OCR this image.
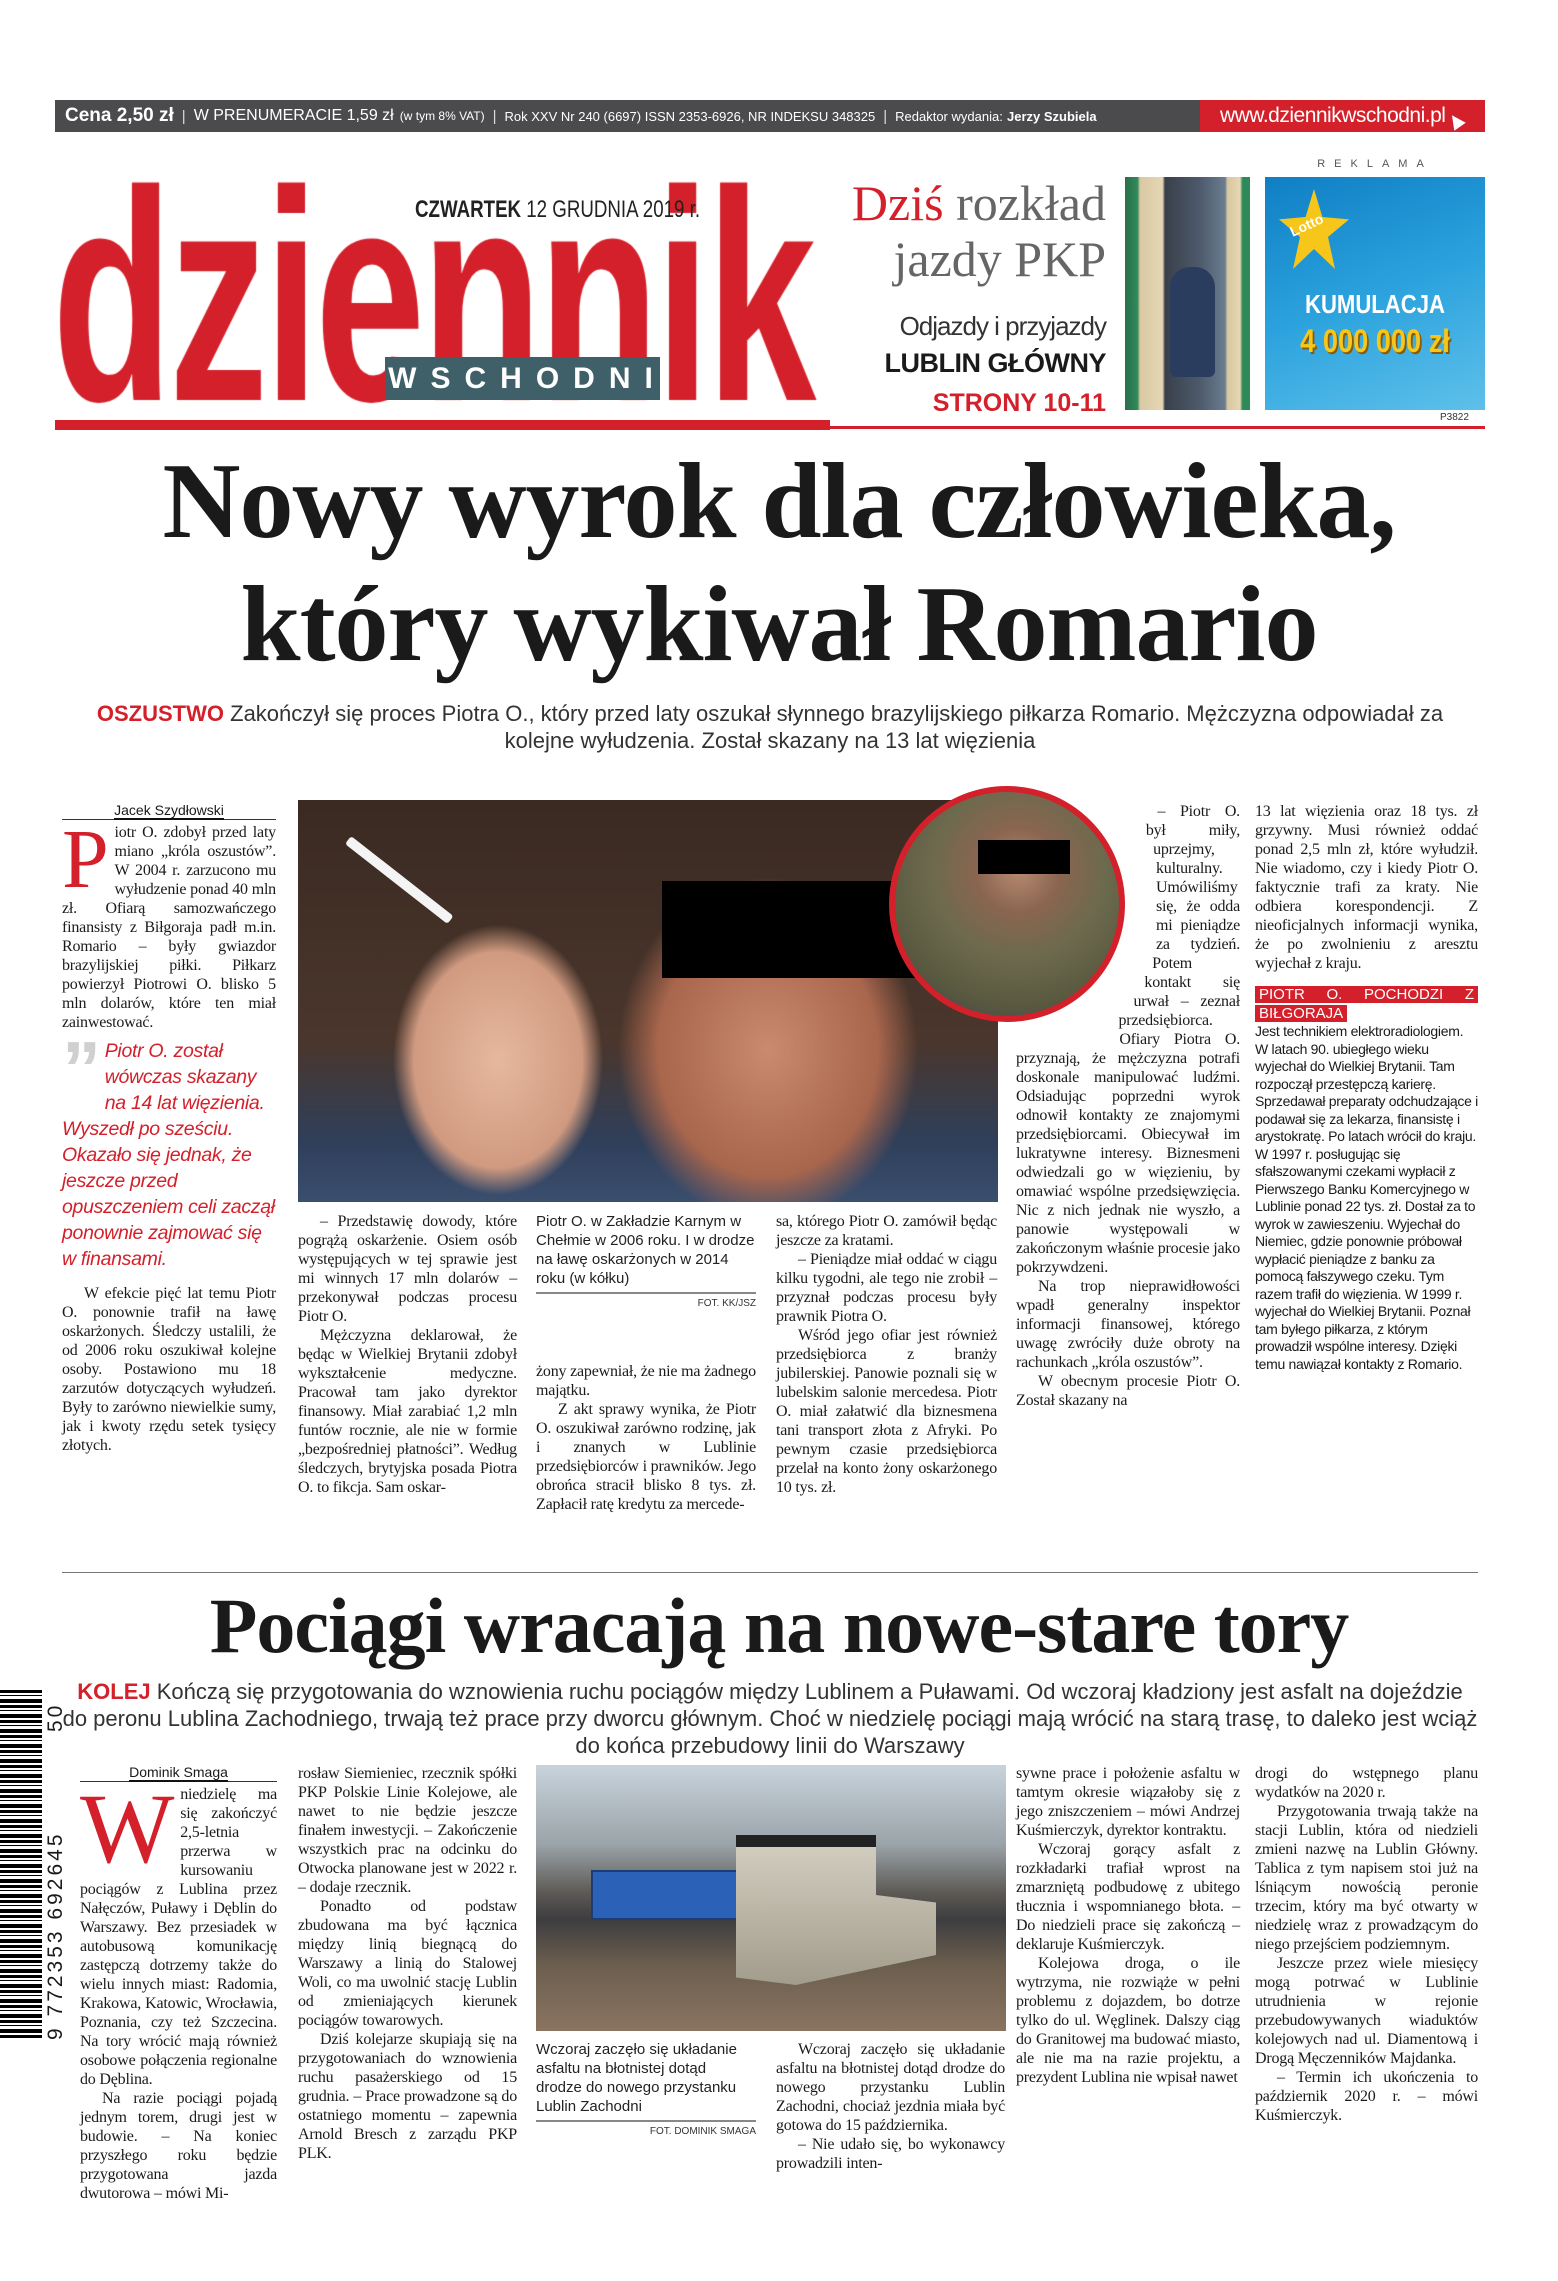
Cena 2,50 zł | W PRENUMERACIE 1,59 zł (w tym 8% VAT) | Rok XXV Nr 240 (6697) ISSN 2353-6926, NR INDEKSU 348325 | Redaktor wydania:
Jerzy Szubiela	www.dziennikwschodni.pl
WSCHODNI
CZWARTEK 12 GRUDNIA 2019 r.	Dziś rozkład
jazdy PKP
Odjazdy i przyjazdy
LUBLIN GŁÓWNY
STRONY 10-11
REKLAMA
Lotto
KUMULACJA
4 000 000 zł
P3822
Nowy wyrok dla człowieka,
który wykiwał Romario
OSZUSTWO Zakończył się proces Piotra O., który przed laty oszukał słynnego brazylijskiego piłkarza Romario. Mężczyzna odpowiadał za kolejne wyłudzenia. Został skazany na 13 lat więzienia
Jacek Szydłowski

Piotr O. zdobył przed laty miano „króla oszustów”. W 2004 r. zarzucono mu wyłudzenie ponad 40 mln zł. Ofiarą samozwańczego finansisty z Biłgoraja padł m.in. Romario – były gwiazdor brazylijskiej piłki. Piłkarz powierzył Piotrowi O. blisko 5 mln dolarów, które ten miał zainwestować.

” Piotr O. został wówczas skazany na 14 lat więzienia. Wyszedł po sześciu. Okazało się jednak, że jeszcze przed opuszczeniem celi zaczął ponownie zajmować się w finansami.

W efekcie pięć lat temu Piotr O. ponownie trafił na ławę oskarżonych. Śledczy ustalili, że od 2006 roku oszukiwał kolejne osoby. Postawiono mu 18 zarzutów dotyczących wyłudzeń. Były to zarówno niewielkie sumy, jak i kwoty rzędu setek tysięcy złotych.

– Przedstawię dowody, które pogrążą oskarżenie. Osiem osób występujących w tej sprawie jest mi winnych 17 mln dolarów – przekonywał podczas procesu Piotr O.

Mężczyzna deklarował, że będąc w Wielkiej Brytanii zdobył wykształcenie medyczne. Pracował tam jako dyrektor finansowy. Miał zarabiać 1,2 mln funtów rocznie, ale nie w formie „bezpośredniej płatności”. Według śledczych, brytyjska posada Piotra O. to fikcja. Sam oskar-

Piotr O. w Zakładzie Karnym w Chełmie w 2006 roku. I w drodze na ławę oskarżonych w 2014 roku (w kółku)
FOT. KK/JSZ

żony zapewniał, że nie ma żadnego majątku.

Z akt sprawy wynika, że Piotr O. oszukiwał zarówno rodzinę, jak i znanych w Lublinie przedsiębiorców i prawników. Jego obrońca stracił blisko 8 tys. zł. Zapłacił ratę kredytu za mercede-

sa, którego Piotr O. zamówił będąc jeszcze za kratami.

– Pieniądze miał oddać w ciągu kilku tygodni, ale tego nie zrobił – przyznał podczas procesu były prawnik Piotra O.

Wśród jego ofiar jest również przedsiębiorca z branży jubilerskiej. Panowie poznali się w lubelskim salonie mercedesa. Piotr O. miał załatwić dla biznesmena tani transport złota z Afryki. Po pewnym czasie przedsiębiorca przelał na konto żony oskarżonego 10 tys. zł.

– Piotr O. był miły, uprzejmy, kulturalny. Umówiliśmy się, że odda mi pieniądze za tydzień. Potem kontakt się urwał – zeznał przedsiębiorca.

Ofiary Piotra O. przyznają, że mężczyzna potrafi doskonale manipulować ludźmi. Odsiadując poprzedni wyrok odnowił kontakty ze znajomymi przedsiębiorcami. Obiecywał im lukratywne interesy. Biznesmeni odwiedzali go w więzieniu, by omawiać wspólne przedsięwzięcia. Nic z nich jednak nie wyszło, a panowie występowali w zakończonym właśnie procesie jako pokrzywdzeni.

Na trop nieprawidłowości wpadł generalny inspektor informacji finansowej, którego uwagę zwróciły duże obroty na rachunkach „króla oszustów”.

W obecnym procesie Piotr O. Został skazany na

13 lat więzienia oraz 18 tys. zł grzywny. Musi również oddać ponad 2,5 mln zł, które wyłudził. Nie wiadomo, czy i kiedy Piotr O. faktycznie trafi za kraty. Nie odbiera korespondencji. Z nieoficjalnych informacji wynika, że po zwolnieniu z aresztu wyjechał z kraju.

PIOTR O. POCHODZI Z BIŁGORAJA
Jest technikiem elektroradiologiem. W latach 90. ubiegłego wieku wyjechał do Wielkiej Brytanii. Tam rozpoczął przestępczą karierę. Sprzedawał preparaty odchudzające i podawał się za lekarza, finansistę i arystokratę. Po latach wrócił do kraju. W 1997 r. posługując się sfałszowanymi czekami wypłacił z Pierwszego Banku Komercyjnego w Lublinie ponad 22 tys. zł. Dostał za to wyrok w zawieszeniu. Wyjechał do Niemiec, gdzie ponownie próbował wypłacić pieniądze z banku za pomocą fałszywego czeku. Tym razem trafił do więzienia. W 1999 r. wyjechał do Wielkiej Brytanii. Poznał tam byłego piłkarza, z którym prowadził wspólne interesy. Dzięki temu nawiązał kontakty z Romario.
Pociągi wracają na nowe-stare tory
KOLEJ Kończą się przygotowania do wznowienia ruchu pociągów między Lublinem a Puławami. Od wczoraj kładziony jest asfalt na dojeździe do peronu Lublina Zachodniego, trwają też prace przy dworcu głównym. Choć w niedzielę pociągi mają wrócić na starą trasę, to daleko jest wciąż do końca przebudowy linii do Warszawy
9 772353 692645
50
Dominik Smaga

Wniedzielę ma się zakończyć 2,5-letnia przerwa w kursowaniu pociągów z Lublina przez Nałęczów, Puławy i Dęblin do Warszawy. Bez przesiadek w autobusową komunikację zastępczą dotrzemy także do wielu innych miast: Radomia, Krakowa, Katowic, Wrocławia, Poznania, czy też Szczecina. Na tory wrócić mają również osobowe połączenia regionalne do Dęblina.

Na razie pociągi pojadą jednym torem, drugi jest w budowie. – Na koniec przyszłego roku będzie przygotowana jazda dwutorowa – mówi Mi-

rosław Siemieniec, rzecznik spółki PKP Polskie Linie Kolejowe, ale nawet to nie będzie jeszcze finałem inwestycji. – Zakończenie wszystkich prac na odcinku do Otwocka planowane jest w 2022 r. – dodaje rzecznik.

Ponadto od podstaw zbudowana ma być łącznica między linią biegnącą do Warszawy a linią do Stalowej Woli, co ma uwolnić stację Lublin od zmieniających kierunek pociągów towarowych.

Dziś kolejarze skupiają się na przygotowaniach do wznowienia ruchu pasażerskiego od 15 grudnia. – Prace prowadzone są do ostatniego momentu – zapewnia Arnold Bresch z zarządu PKP PLK.

Wczoraj zaczęło się układanie asfaltu na błotnistej dotąd drodze do nowego przystanku Lublin Zachodni
FOT. DOMINIK SMAGA

Wczoraj zaczęło się układanie asfaltu na błotnistej dotąd drodze do nowego przystanku Lublin Zachodni, chociaż jezdnia miała być gotowa do 15 października.

– Nie udało się, bo wykonawcy prowadzili inten-

sywne prace i położenie asfaltu w tamtym okresie wiązałoby się z jego zniszczeniem – mówi Andrzej Kuśmierczyk, dyrektor kontraktu.

Wczoraj gorący asfalt z rozkładarki trafiał wprost na zmarzniętą podbudowę z ubitego tłucznia i wspomnianego błota. – Do niedzieli prace się zakończą – deklaruje Kuśmierczyk.

Kolejowa droga, o ile wytrzyma, nie rozwiąże w pełni problemu z dojazdem, bo dotrze tylko do ul. Węglinek. Dalszy ciąg do Granitowej ma budować miasto, ale nie ma na razie projektu, a prezydent Lublina nie wpisał nawet

drogi do wstępnego planu wydatków na 2020 r.

Przygotowania trwają także na stacji Lublin, która od niedzieli zmieni nazwę na Lublin Główny. Tablica z tym napisem stoi już na lśniącym nowością peronie trzecim, który ma być otwarty w niedzielę wraz z prowadzącym do niego przejściem podziemnym.

Jeszcze przez wiele miesięcy mogą potrwać w Lublinie utrudnienia w rejonie przebudowywanych wiaduktów kolejowych nad ul. Diamentową i Drogą Męczenników Majdanka.

– Termin ich ukończenia to październik 2020 r. – mówi Kuśmierczyk.
